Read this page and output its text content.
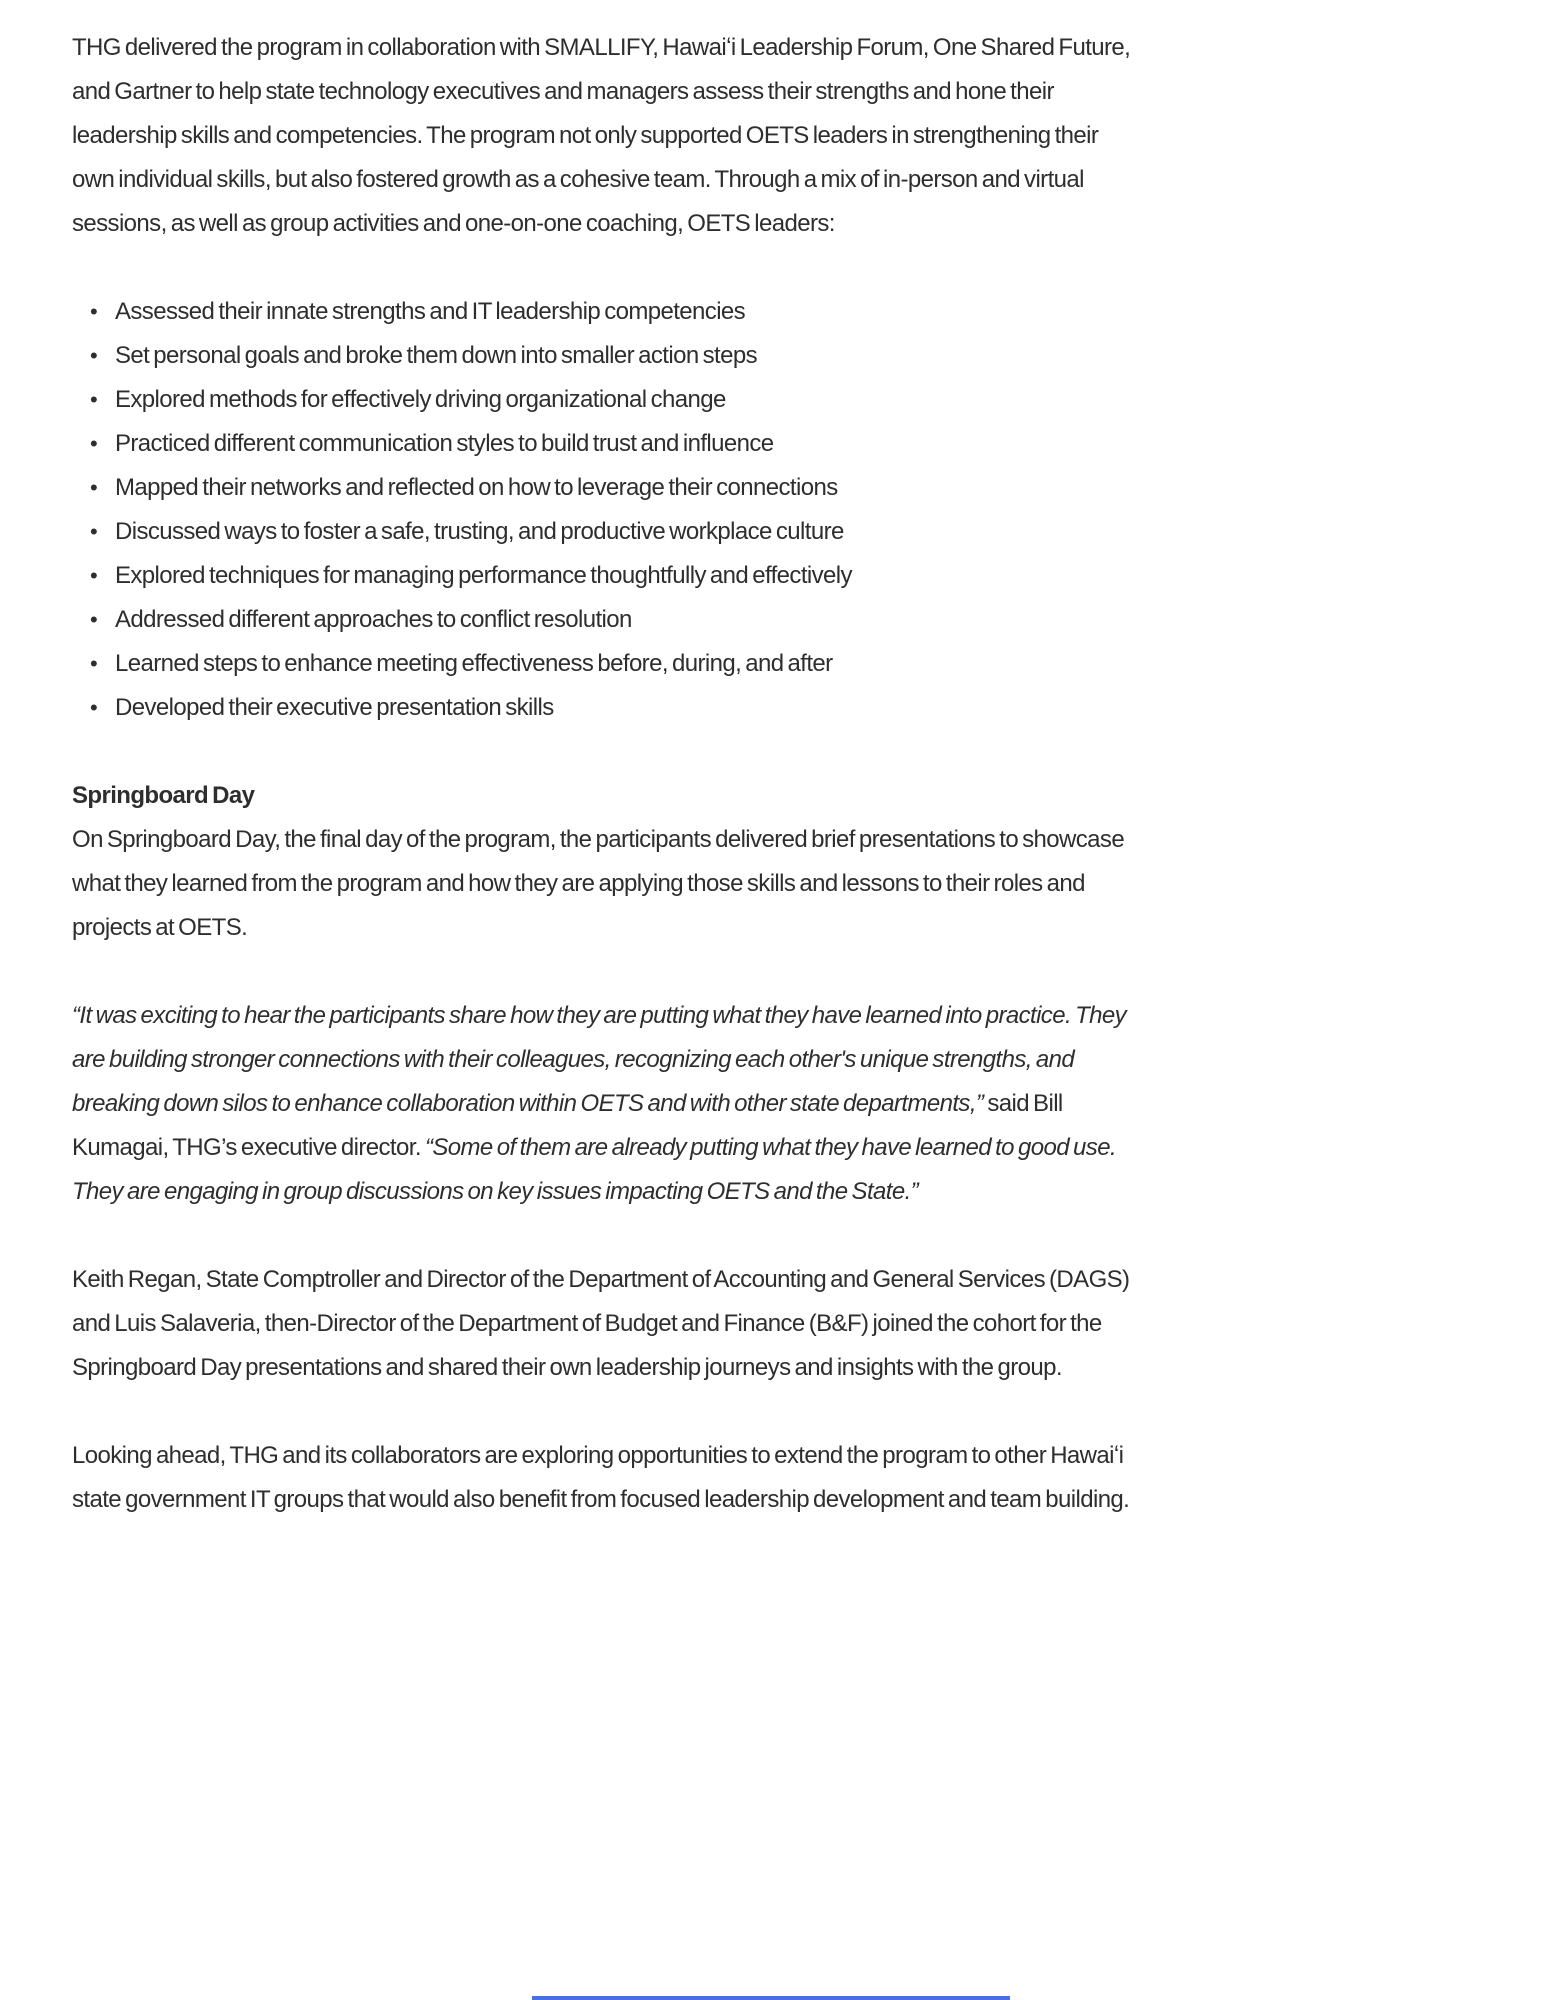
THG delivered the program in collaboration with SMALLIFY, Hawaiʻi Leadership Forum, One Shared Future, and Gartner to help state technology executives and managers assess their strengths and hone their leadership skills and competencies. The program not only supported OETS leaders in strengthening their own individual skills, but also fostered growth as a cohesive team. Through a mix of in-person and virtual sessions, as well as group activities and one-on-one coaching, OETS leaders:

• Assessed their innate strengths and IT leadership competencies
• Set personal goals and broke them down into smaller action steps
• Explored methods for effectively driving organizational change
• Practiced different communication styles to build trust and influence
• Mapped their networks and reflected on how to leverage their connections
• Discussed ways to foster a safe, trusting, and productive workplace culture
• Explored techniques for managing performance thoughtfully and effectively
• Addressed different approaches to conflict resolution
• Learned steps to enhance meeting effectiveness before, during, and after
• Developed their executive presentation skills
Springboard Day

On Springboard Day, the final day of the program, the participants delivered brief presentations to showcase what they learned from the program and how they are applying those skills and lessons to their roles and projects at OETS.

“It was exciting to hear the participants share how they are putting what they have learned into practice. They are building stronger connections with their colleagues, recognizing each other's unique strengths, and breaking down silos to enhance collaboration within OETS and with other state departments,” said Bill Kumagai, THG’s executive director. “Some of them are already putting what they have learned to good use. They are engaging in group discussions on key issues impacting OETS and the State.”

Keith Regan, State Comptroller and Director of the Department of Accounting and General Services (DAGS) and Luis Salaveria, then-Director of the Department of Budget and Finance (B&F) joined the cohort for the Springboard Day presentations and shared their own leadership journeys and insights with the group.

Looking ahead, THG and its collaborators are exploring opportunities to extend the program to other Hawaiʻi state government IT groups that would also benefit from focused leadership development and team building.
